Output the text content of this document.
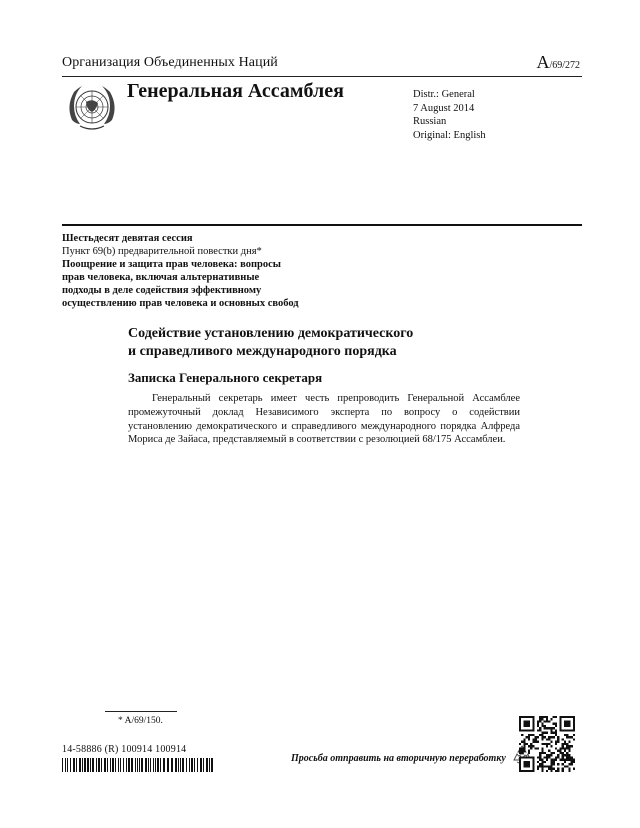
Организация Объединенных Наций	A/69/272
Генеральная Ассамблея	Distr.: General
7 August 2014
Russian
Original: English
Шестьдесят девятая сессия
Пункт 69(b) предварительной повестки дня*
Поощрение и защита прав человека: вопросы
прав человека, включая альтернативные
подходы в деле содействия эффективному
осуществлению прав человека и основных свобод
Содействие установлению демократического
и справедливого международного порядка
Записка Генерального секретаря
Генеральный секретарь имеет честь препроводить Генеральной Ассамблее промежуточный доклад Независимого эксперта по вопросу о содействии установлению демократического и справедливого международного порядка Алфреда Мориса де Зайаса, представляемый в соответствии с резолюцией 68/175 Ассамблеи.
* A/69/150.
14-58886 (R) 100914 100914
Просьба отправить на вторичную переработку
